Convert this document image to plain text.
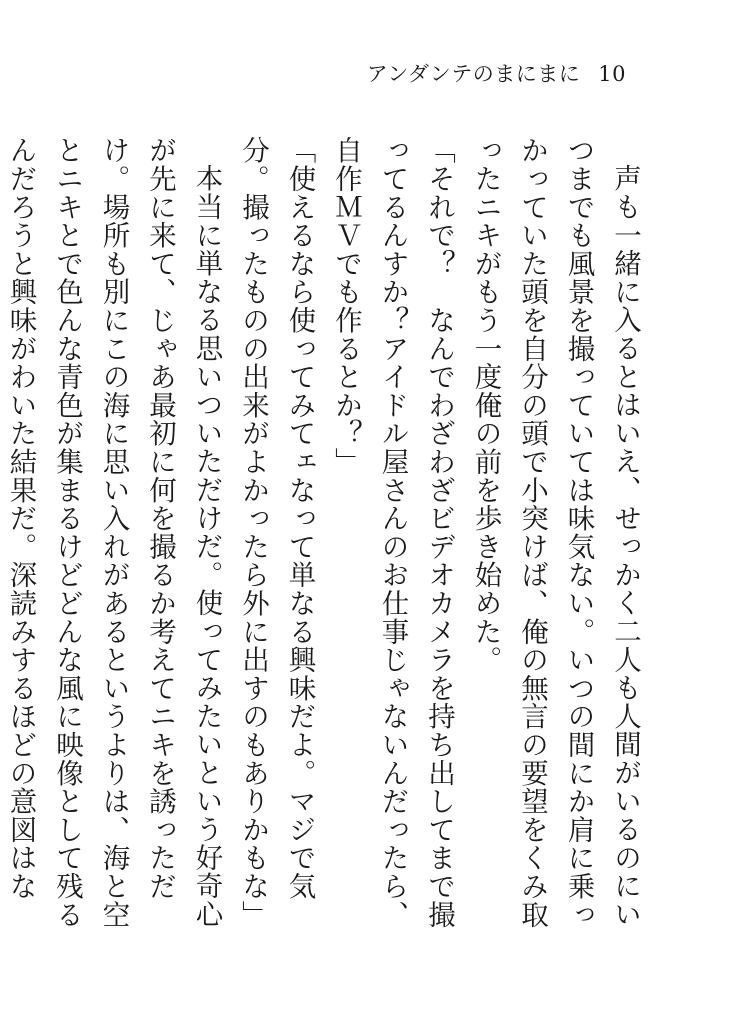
アンダンテのまにまに 10

声も一緒に入るとはいえ、せっかく二人も人間がいるのにいつまでも風景を撮っていては味気ない。いつの間にか肩に乗っかっていた頭を自分の頭で小突けば、俺の無言の要望をくみ取ったニキがもう一度俺の前を歩き始めた。

「それで？　なんでわざわざビデオカメラを持ち出してまで撮ってるんすか？アイドル屋さんのお仕事じゃないんだったら、自作ＭＶでも作るとか？」

「使えるなら使ってみてェなって単なる興味だよ。マジで気分。撮ったものの出来がよかったら外に出すのもありかもな」

本当に単なる思いついただけだ。使ってみたいという好奇心が先に来て、じゃあ最初に何を撮るか考えてニキを誘っただけ。場所も別にこの海に思い入れがあるというよりは、海と空とニキとで色んな青色が集まるけどどんな風に映像として残るんだろうと興味がわいた結果だ。深読みするほどの意図はな
